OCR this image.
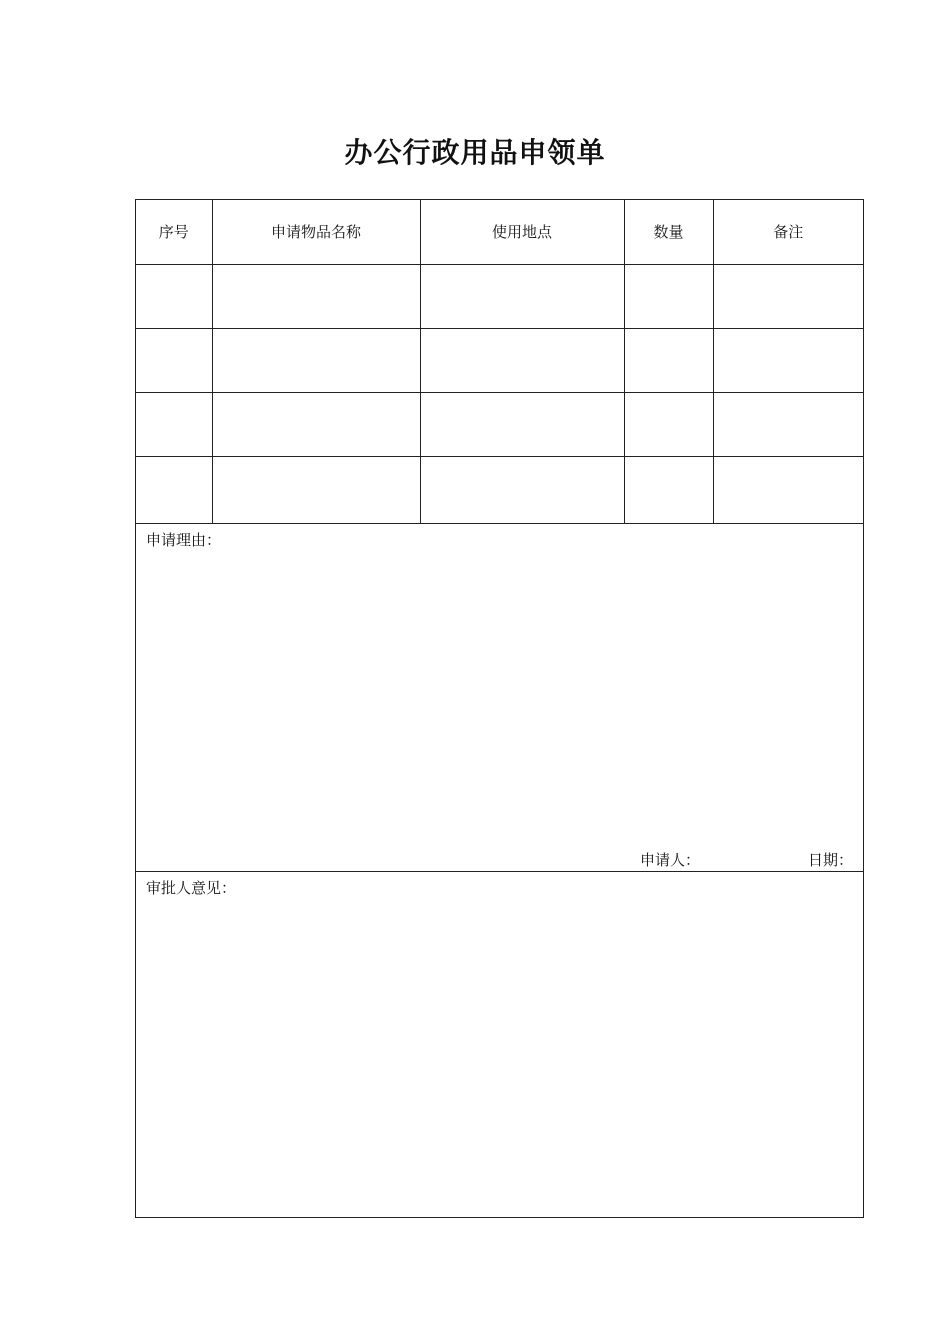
办公行政用品申领单
序号	申请物品名称	使用地点	数量	备注

申请理由：
申请人：	日期：
审批人意见：
